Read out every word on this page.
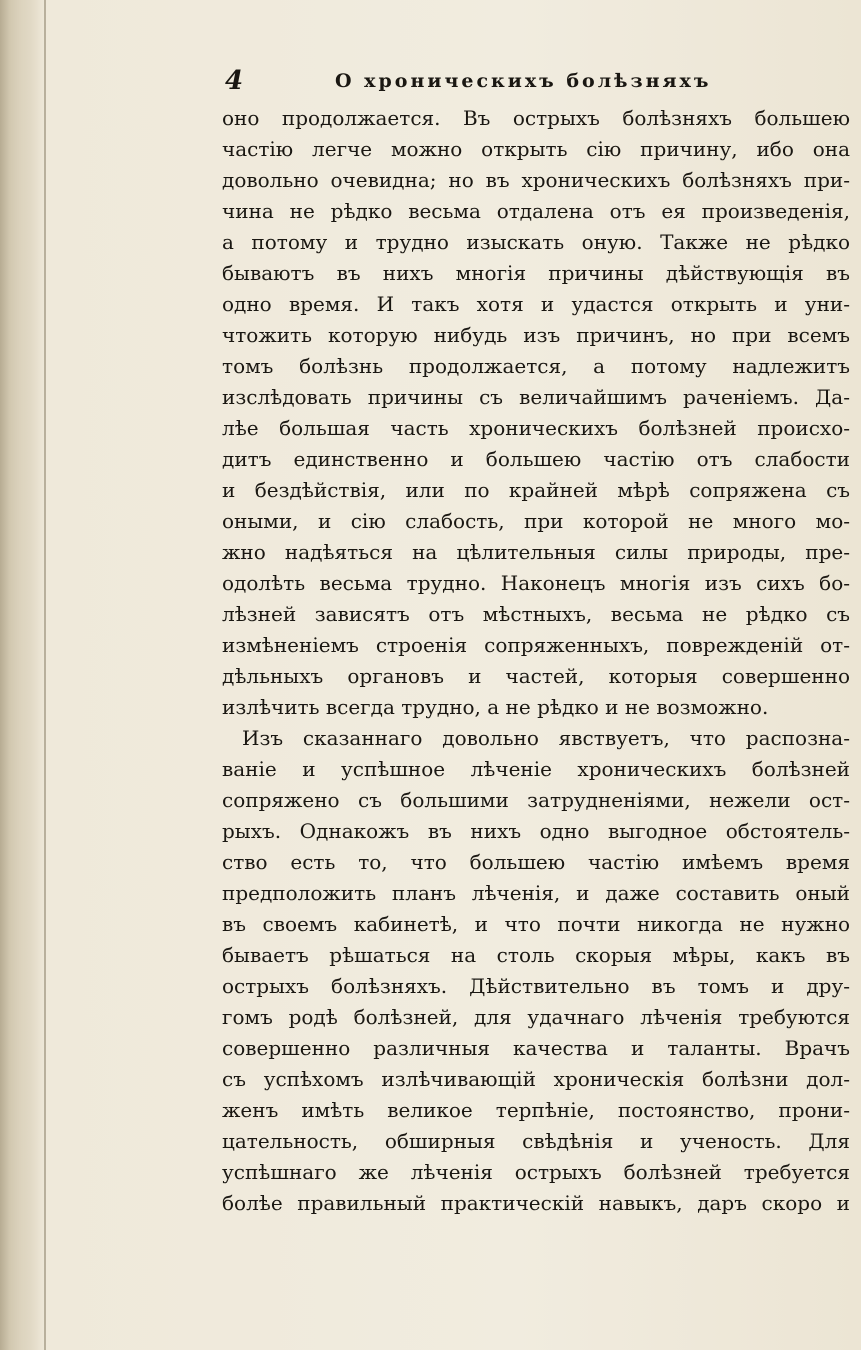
4	О хроническихъ болѣзняхъ
оно продолжается. Въ острыхъ болѣзняхъ большею
частію легче можно открыть сію причину, ибо она
довольно очевидна; но въ хроническихъ болѣзняхъ при-
чина не рѣдко весьма отдалена отъ ея произведенія,
а потому и трудно изыскать оную. Также не рѣдко
бываютъ въ нихъ многія причины дѣйствующія въ
одно время. И такъ хотя и удастся открыть и уни-
чтожить которую нибудь изъ причинъ, но при всемъ
томъ болѣзнь продолжается, а потому надлежитъ
изслѣдовать причины съ величайшимъ раченіемъ. Да-
лѣе большая часть хроническихъ болѣзней происхо-
дитъ единственно и большею частію отъ слабости
и бездѣйствія, или по крайней мѣрѣ сопряжена съ
оными, и сію слабость, при которой не много мо-
жно надѣяться на цѣлительныя силы природы, пре-
одолѣть весьма трудно. Наконецъ многія изъ сихъ бо-
лѣзней зависятъ отъ мѣстныхъ, весьма не рѣдко съ
измѣненіемъ строенія сопряженныхъ, поврежденій от-
дѣльныхъ органовъ и частей, которыя совершенно
излѣчить всегда трудно, а не рѣдко и не возможно.
Изъ сказаннаго довольно явствуетъ, что распозна-
ваніе и успѣшное лѣченіе хроническихъ болѣзней
сопряжено съ большими затрудненіями, нежели ост-
рыхъ. Однакожъ въ нихъ одно выгодное обстоятель-
ство есть то, что большею частію имѣемъ время
предположить планъ лѣченія, и даже составить оный
въ своемъ кабинетѣ, и что почти никогда не нужно
бываетъ рѣшаться на столь скорыя мѣры, какъ въ
острыхъ болѣзняхъ. Дѣйствительно въ томъ и дру-
гомъ родѣ болѣзней, для удачнаго лѣченія требуются
совершенно различныя качества и таланты. Врачъ
съ успѣхомъ излѣчивающій хроническія болѣзни дол-
женъ имѣть великое терпѣніе, постоянство, прони-
цательность, обширныя свѣдѣнія и ученость. Для
успѣшнаго же лѣченія острыхъ болѣзней требуется
болѣе правильный практическій навыкъ, даръ скоро и
